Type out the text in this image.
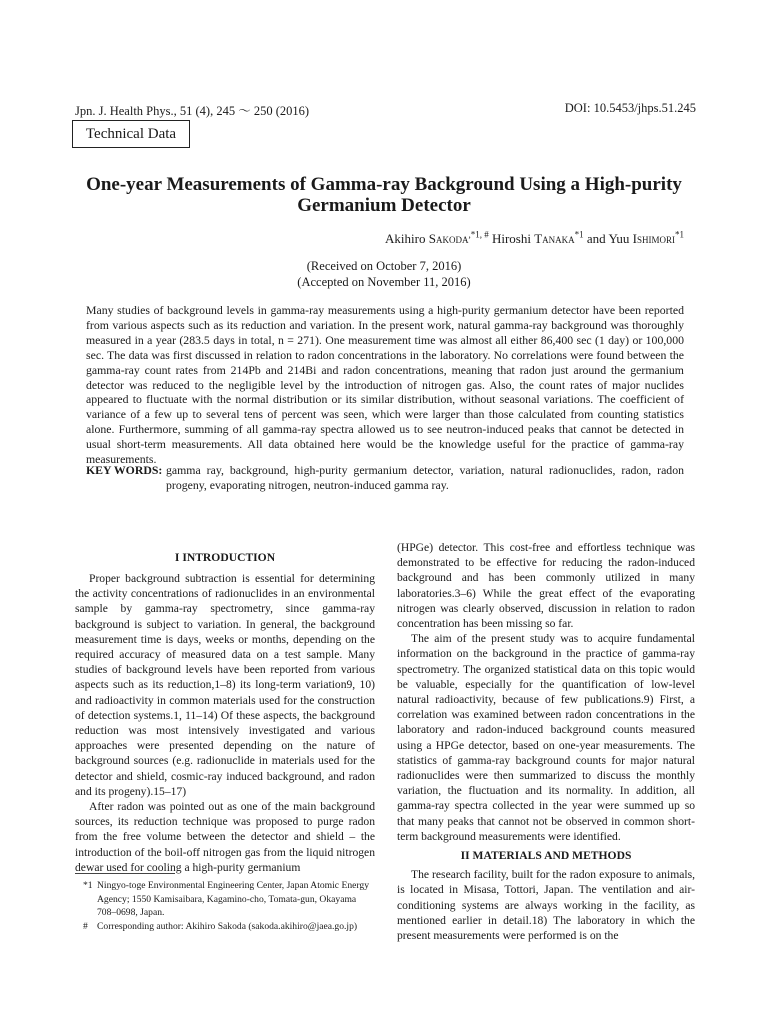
Jpn. J. Health Phys., 51 (4), 245 ～ 250 (2016)	DOI: 10.5453/jhps.51.245
Technical Data
One-year Measurements of Gamma-ray Background Using a High-purity Germanium Detector
Akihiro Sakoda$^{,*1, \#}$ Hiroshi Tanaka$^{*1}$ and Yuu Ishimori$^{*1}$
(Received on October 7, 2016)
(Accepted on November 11, 2016)
Many studies of background levels in gamma-ray measurements using a high-purity germanium detector have been reported from various aspects such as its reduction and variation. In the present work, natural gamma-ray background was thoroughly measured in a year (283.5 days in total, n = 271). One measurement time was almost all either 86,400 sec (1 day) or 100,000 sec. The data was first discussed in relation to radon concentrations in the laboratory. No correlations were found between the gamma-ray count rates from 214Pb and 214Bi and radon concentrations, meaning that radon just around the germanium detector was reduced to the negligible level by the introduction of nitrogen gas. Also, the count rates of major nuclides appeared to fluctuate with the normal distribution or its similar distribution, without seasonal variations. The coefficient of variance of a few up to several tens of percent was seen, which were larger than those calculated from counting statistics alone. Furthermore, summing of all gamma-ray spectra allowed us to see neutron-induced peaks that cannot be detected in usual short-term measurements. All data obtained here would be the knowledge useful for the practice of gamma-ray measurements.
KEY WORDS: gamma ray, background, high-purity germanium detector, variation, natural radionuclides, radon, radon progeny, evaporating nitrogen, neutron-induced gamma ray.
I INTRODUCTION

Proper background subtraction is essential for determining the activity concentrations of radionuclides in an environmental sample by gamma-ray spectrometry, since gamma-ray background is subject to variation. In general, the background measurement time is days, weeks or months, depending on the required accuracy of measured data on a test sample. Many studies of background levels have been reported from various aspects such as its reduction,1–8) its long-term variation9, 10) and radioactivity in common materials used for the construction of detection systems.1, 11–14) Of these aspects, the background reduction was most intensively investigated and various approaches were presented depending on the nature of background sources (e.g. radionuclide in materials used for the detector and shield, cosmic-ray induced background, and radon and its progeny).15–17)

After radon was pointed out as one of the main background sources, its reduction technique was proposed to purge radon from the free volume between the detector and shield – the introduction of the boil-off nitrogen gas from the liquid nitrogen dewar used for cooling a high-purity germanium

(HPGe) detector. This cost-free and effortless technique was demonstrated to be effective for reducing the radon-induced background and has been commonly utilized in many laboratories.3–6) While the great effect of the evaporating nitrogen was clearly observed, discussion in relation to radon concentration has been missing so far.

The aim of the present study was to acquire fundamental information on the background in the practice of gamma-ray spectrometry. The organized statistical data on this topic would be valuable, especially for the quantification of low-level natural radioactivity, because of few publications.9) First, a correlation was examined between radon concentrations in the laboratory and radon-induced background counts measured using a HPGe detector, based on one-year measurements. The statistics of gamma-ray background counts for major natural radionuclides were then summarized to discuss the monthly variation, the fluctuation and its normality. In addition, all gamma-ray spectra collected in the year were summed up so that many peaks that cannot not be observed in common short-term background measurements were identified.

II MATERIALS AND METHODS

The research facility, built for the radon exposure to animals, is located in Misasa, Tottori, Japan. The ventilation and air-conditioning systems are always working in the facility, as mentioned earlier in detail.18) The laboratory in which the present measurements were performed is on the

*1 Ningyo-toge Environmental Engineering Center, Japan Atomic Energy Agency; 1550 Kamisaibara, Kagamino-cho, Tomata-gun, Okayama 708–0698, Japan.
# Corresponding author: Akihiro Sakoda (sakoda.akihiro@jaea.go.jp)
